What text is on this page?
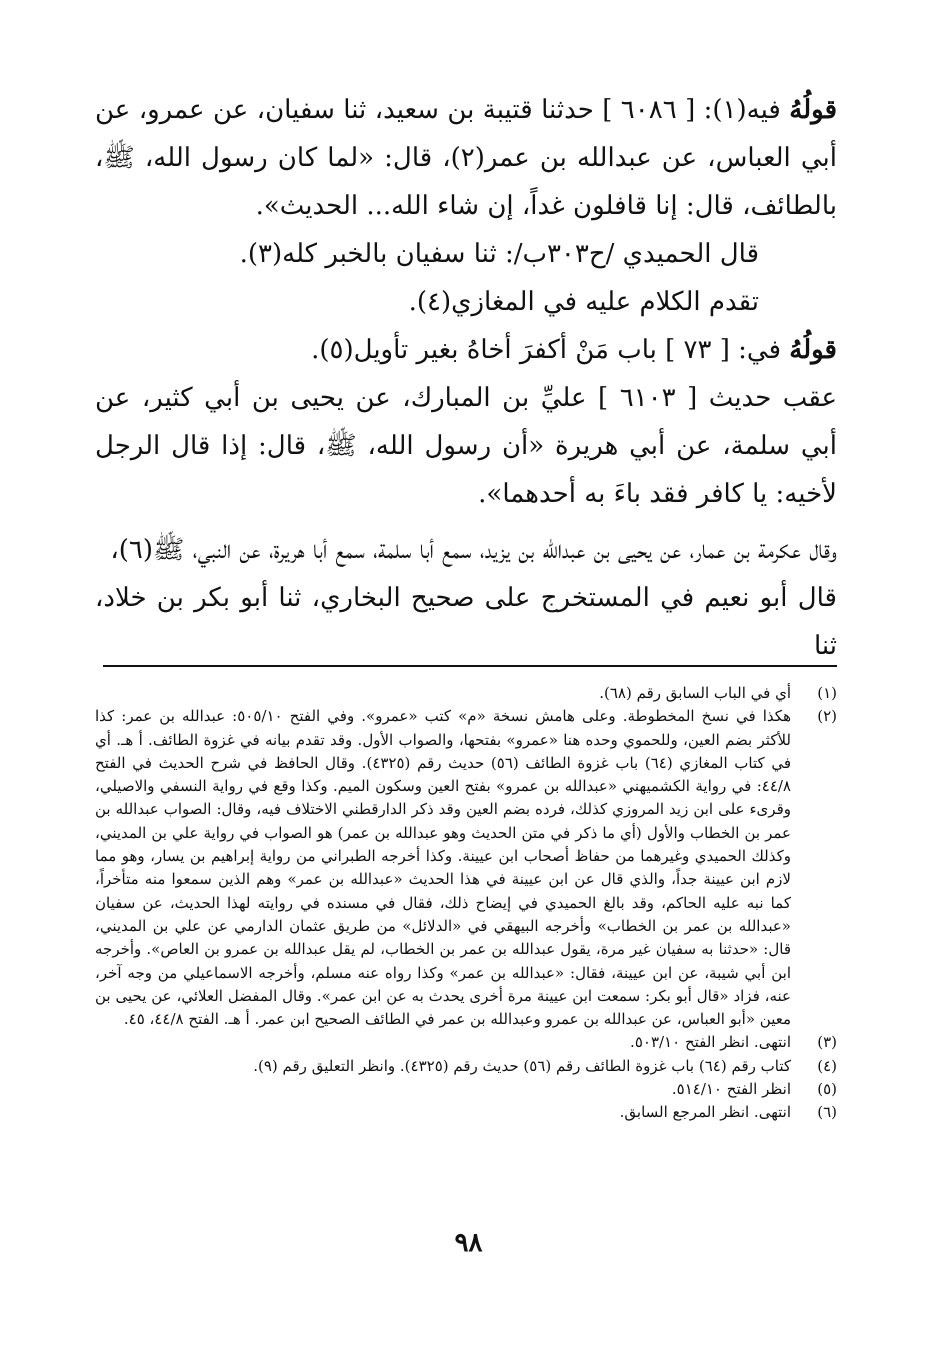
قولُهُ فيه(١): [ ٦٠٨٦ ] حدثنا قتيبة بن سعيد، ثنا سفيان، عن عمرو، عن أبي العباس، عن عبدالله بن عمر(٢)، قال: «لما كان رسول الله، ﷺ، بالطائف، قال: إنا قافلون غداً، إن شاء الله... الحديث».

قال الحميدي /ح٣٠٣ب/: ثنا سفيان بالخبر كله(٣).

تقدم الكلام عليه في المغازي(٤).

قولُهُ في: [ ٧٣ ] باب مَنْ أكفرَ أخاهُ بغير تأويل(٥).

عقب حديث [ ٦١٠٣ ] عليِّ بن المبارك، عن يحيى بن أبي كثير، عن أبي سلمة، عن أبي هريرة «أن رسول الله، ﷺ، قال: إذا قال الرجل لأخيه: يا كافر فقد باءَ به أحدهما».

وقال عكرمة بن عمار، عن يحيى بن عبدالله بن يزيد، سمع أبا سلمة، سمع أبا هريرة، عن النبي، ﷺ(٦)،

قال أبو نعيم في المستخرج على صحيح البخاري، ثنا أبو بكر بن خلاد، ثنا

(١)
أي في الباب السابق رقم (٦٨).
(٢)
هكذا في نسخ المخطوطة. وعلى هامش نسخة «م» كتب «عمرو». وفي الفتح ٥٠٥/١٠: عبدالله بن عمر: كذا للأكثر بضم العين، وللحموي وحده هنا «عمرو» بفتحها، والصواب الأول. وقد تقدم بيانه في غزوة الطائف. أ هـ. أي في كتاب المغازي (٦٤) باب غزوة الطائف (٥٦) حديث رقم (٤٣٢٥). وقال الحافظ في شرح الحديث في الفتح ٤٤/٨: في رواية الكشميهني «عبدالله بن عمرو» بفتح العين وسكون الميم. وكذا وقع في رواية النسفي والاصيلي، وقرىء على ابن زيد المروزي كذلك، فرده بضم العين وقد ذكر الدارقطني الاختلاف فيه، وقال: الصواب عبدالله بن عمر بن الخطاب والأول (أي ما ذكر في متن الحديث وهو عبدالله بن عمر) هو الصواب في رواية علي بن المديني، وكذلك الحميدي وغيرهما من حفاظ أصحاب ابن عيينة. وكذا أخرجه الطبراني من رواية إبراهيم بن يسار، وهو مما لازم ابن عيينة جداً، والذي قال عن ابن عيينة في هذا الحديث «عبدالله بن عمر» وهم الذين سمعوا منه متأخراً، كما نبه عليه الحاكم، وقد بالغ الحميدي في إيضاح ذلك، فقال في مسنده في روايته لهذا الحديث، عن سفيان «عبدالله بن عمر بن الخطاب» وأخرجه البيهقي في «الدلائل» من طريق عثمان الدارمي عن علي بن المديني، قال: «حدثنا به سفيان غير مرة، يقول عبدالله بن عمر بن الخطاب، لم يقل عبدالله بن عمرو بن العاص». وأخرجه ابن أبي شيبة، عن ابن عيينة، فقال: «عبدالله بن عمر» وكذا رواه عنه مسلم، وأخرجه الاسماعيلي من وجه آخر، عنه، فزاد «قال أبو بكر: سمعت ابن عيينة مرة أخرى يحدث به عن ابن عمر». وقال المفضل العلائي، عن يحيى بن معين «أبو العباس، عن عبدالله بن عمرو وعبدالله بن عمر في الطائف الصحيح ابن عمر. أ هـ. الفتح ٤٤/٨، ٤٥.
(٣)
انتهى. انظر الفتح ٥٠٣/١٠.
(٤)
كتاب رقم (٦٤) باب غزوة الطائف رقم (٥٦) حديث رقم (٤٣٢٥). وانظر التعليق رقم (٩).
(٥)
انظر الفتح ٥١٤/١٠.
(٦)
انتهى. انظر المرجع السابق.
٩٨
